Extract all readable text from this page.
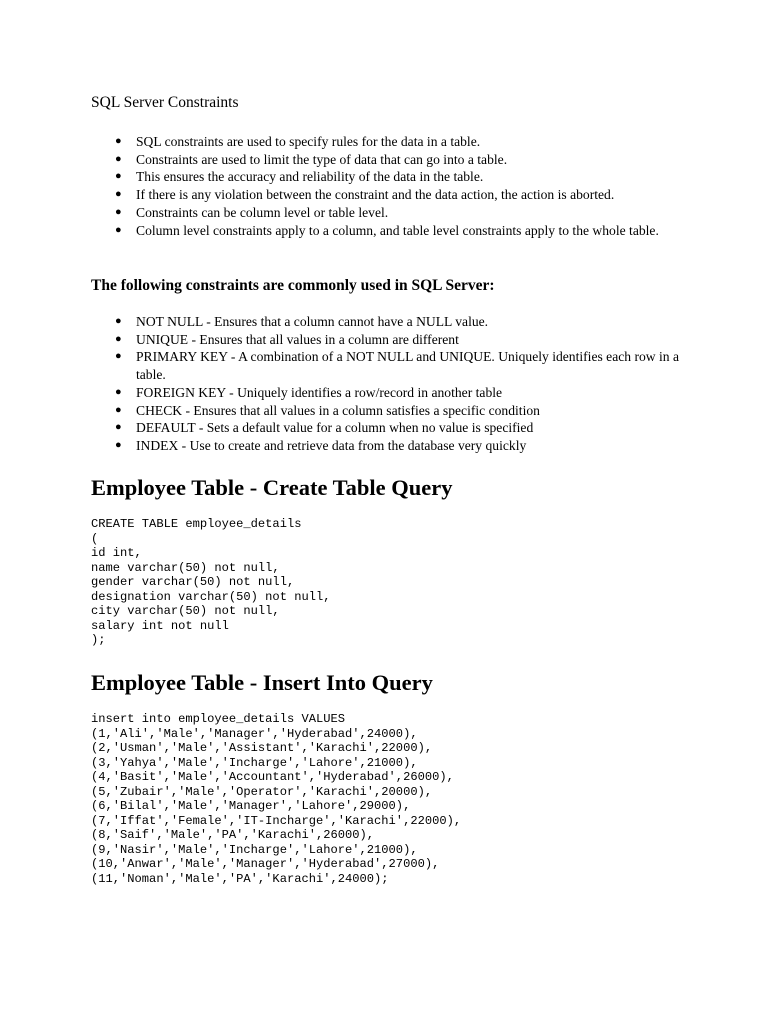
SQL Server Constraints
● SQL constraints are used to specify rules for the data in a table.
● Constraints are used to limit the type of data that can go into a table.
● This ensures the accuracy and reliability of the data in the table.
● If there is any violation between the constraint and the data action, the action is aborted.
● Constraints can be column level or table level.
● Column level constraints apply to a column, and table level constraints apply to the whole table.
The following constraints are commonly used in SQL Server:
● NOT NULL - Ensures that a column cannot have a NULL value.
● UNIQUE - Ensures that all values in a column are different
● PRIMARY KEY - A combination of a NOT NULL and UNIQUE. Uniquely identifies each row in a table.
● FOREIGN KEY - Uniquely identifies a row/record in another table
● CHECK - Ensures that all values in a column satisfies a specific condition
● DEFAULT - Sets a default value for a column when no value is specified
● INDEX - Use to create and retrieve data from the database very quickly
Employee Table - Create Table Query
CREATE TABLE employee_details
(
id int,
name varchar(50) not null,
gender varchar(50) not null,
designation varchar(50) not null,
city varchar(50) not null,
salary int not null
);
Employee Table - Insert Into Query
insert into employee_details VALUES
(1,'Ali','Male','Manager','Hyderabad',24000),
(2,'Usman','Male','Assistant','Karachi',22000),
(3,'Yahya','Male','Incharge','Lahore',21000),
(4,'Basit','Male','Accountant','Hyderabad',26000),
(5,'Zubair','Male','Operator','Karachi',20000),
(6,'Bilal','Male','Manager','Lahore',29000),
(7,'Iffat','Female','IT-Incharge','Karachi',22000),
(8,'Saif','Male','PA','Karachi',26000),
(9,'Nasir','Male','Incharge','Lahore',21000),
(10,'Anwar','Male','Manager','Hyderabad',27000),
(11,'Noman','Male','PA','Karachi',24000);
